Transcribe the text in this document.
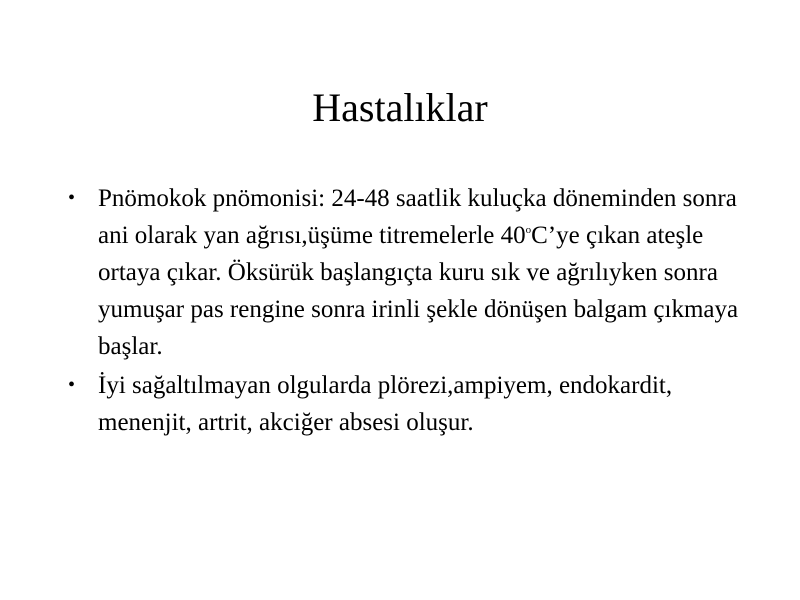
Hastalıklar
• Pnömokok pnömonisi: 24-48 saatlik kuluçka döneminden sonra ani olarak yan ağrısı,üşüme titremelerle 40$^o$C’ye çıkan ateşle ortaya çıkar. Öksürük başlangıçta kuru sık ve ağrılıyken sonra yumuşar pas rengine sonra irinli şekle dönüşen balgam çıkmaya başlar.
• İyi sağaltılmayan olgularda plörezi,ampiyem, endokardit, menenjit, artrit, akciğer absesi oluşur.
